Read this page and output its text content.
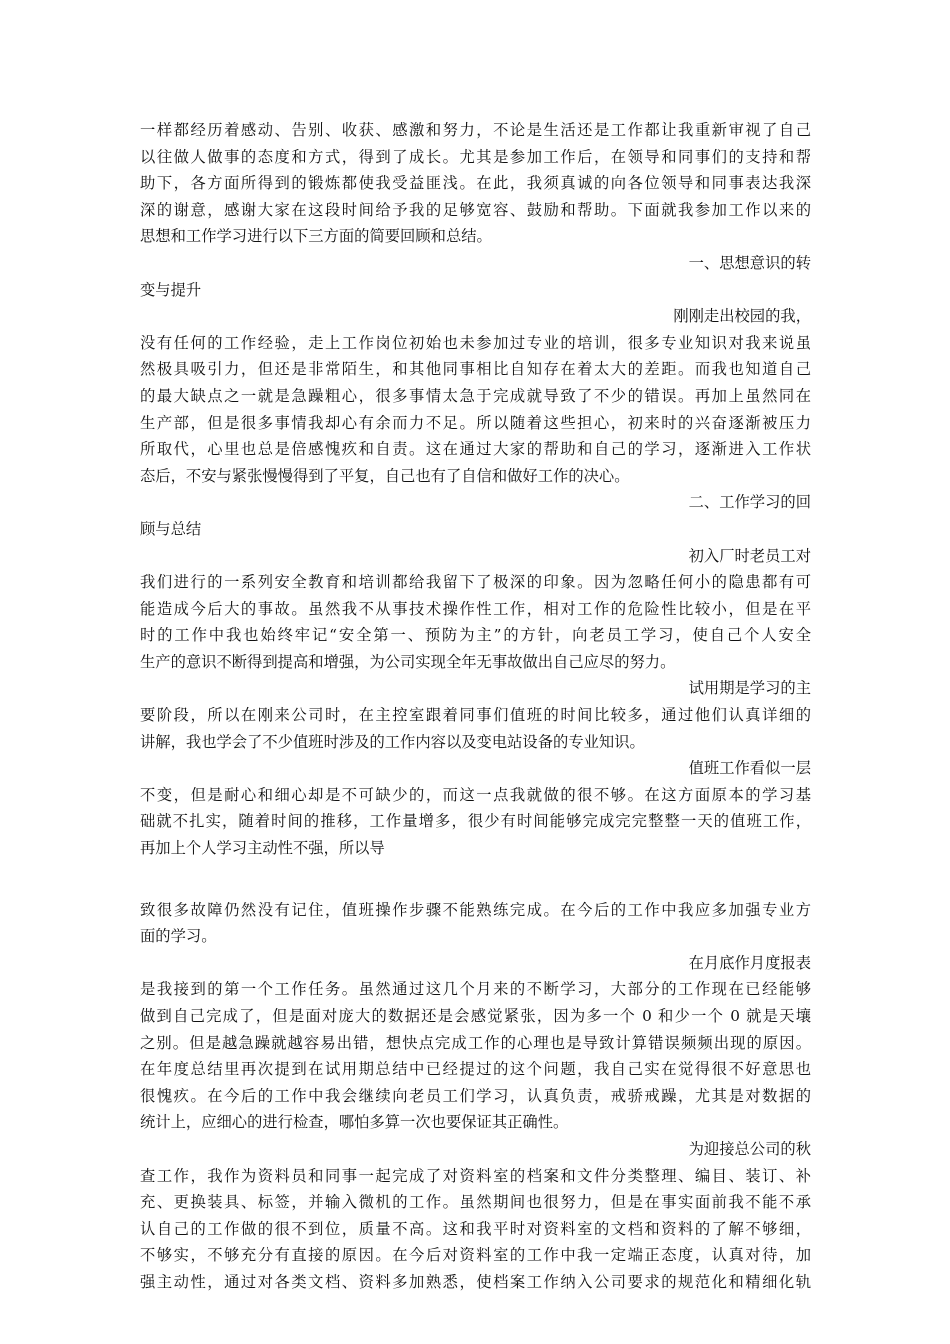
一样都经历着感动、告别、收获、感激和努力，不论是生活还是工作都让我重新审视了自己
以往做人做事的态度和方式，得到了成长。尤其是参加工作后，在领导和同事们的支持和帮
助下，各方面所得到的锻炼都使我受益匪浅。在此，我须真诚的向各位领导和同事表达我深
深的谢意，感谢大家在这段时间给予我的足够宽容、鼓励和帮助。下面就我参加工作以来的
思想和工作学习进行以下三方面的简要回顾和总结。
一、思想意识的转
变与提升
刚刚走出校园的我，
没有任何的工作经验，走上工作岗位初始也未参加过专业的培训，很多专业知识对我来说虽
然极具吸引力，但还是非常陌生，和其他同事相比自知存在着太大的差距。而我也知道自己
的最大缺点之一就是急躁粗心，很多事情太急于完成就导致了不少的错误。再加上虽然同在
生产部，但是很多事情我却心有余而力不足。所以随着这些担心，初来时的兴奋逐渐被压力
所取代，心里也总是倍感愧疚和自责。这在通过大家的帮助和自己的学习，逐渐进入工作状
态后，不安与紧张慢慢得到了平复，自己也有了自信和做好工作的决心。
二、工作学习的回
顾与总结
初入厂时老员工对
我们进行的一系列安全教育和培训都给我留下了极深的印象。因为忽略任何小的隐患都有可
能造成今后大的事故。虽然我不从事技术操作性工作，相对工作的危险性比较小，但是在平
时的工作中我也始终牢记“安全第一、预防为主”的方针，向老员工学习，使自己个人安全
生产的意识不断得到提高和增强，为公司实现全年无事故做出自己应尽的努力。
试用期是学习的主
要阶段，所以在刚来公司时，在主控室跟着同事们值班的时间比较多，通过他们认真详细的
讲解，我也学会了不少值班时涉及的工作内容以及变电站设备的专业知识。
值班工作看似一层
不变，但是耐心和细心却是不可缺少的，而这一点我就做的很不够。在这方面原本的学习基
础就不扎实，随着时间的推移，工作量增多，很少有时间能够完成完完整整一天的值班工作，
再加上个人学习主动性不强，所以导
致很多故障仍然没有记住，值班操作步骤不能熟练完成。在今后的工作中我应多加强专业方
面的学习。
在月底作月度报表
是我接到的第一个工作任务。虽然通过这几个月来的不断学习，大部分的工作现在已经能够
做到自己完成了，但是面对庞大的数据还是会感觉紧张，因为多一个 0 和少一个 0 就是天壤
之别。但是越急躁就越容易出错，想快点完成工作的心理也是导致计算错误频频出现的原因。
在年度总结里再次提到在试用期总结中已经提过的这个问题，我自己实在觉得很不好意思也
很愧疚。在今后的工作中我会继续向老员工们学习，认真负责，戒骄戒躁，尤其是对数据的
统计上，应细心的进行检查，哪怕多算一次也要保证其正确性。
为迎接总公司的秋
查工作，我作为资料员和同事一起完成了对资料室的档案和文件分类整理、编目、装订、补
充、更换装具、标签，并输入微机的工作。虽然期间也很努力，但是在事实面前我不能不承
认自己的工作做的很不到位，质量不高。这和我平时对资料室的文档和资料的了解不够细，
不够实，不够充分有直接的原因。在今后对资料室的工作中我一定端正态度，认真对待，加
强主动性，通过对各类文档、资料多加熟悉，使档案工作纳入公司要求的规范化和精细化轨
